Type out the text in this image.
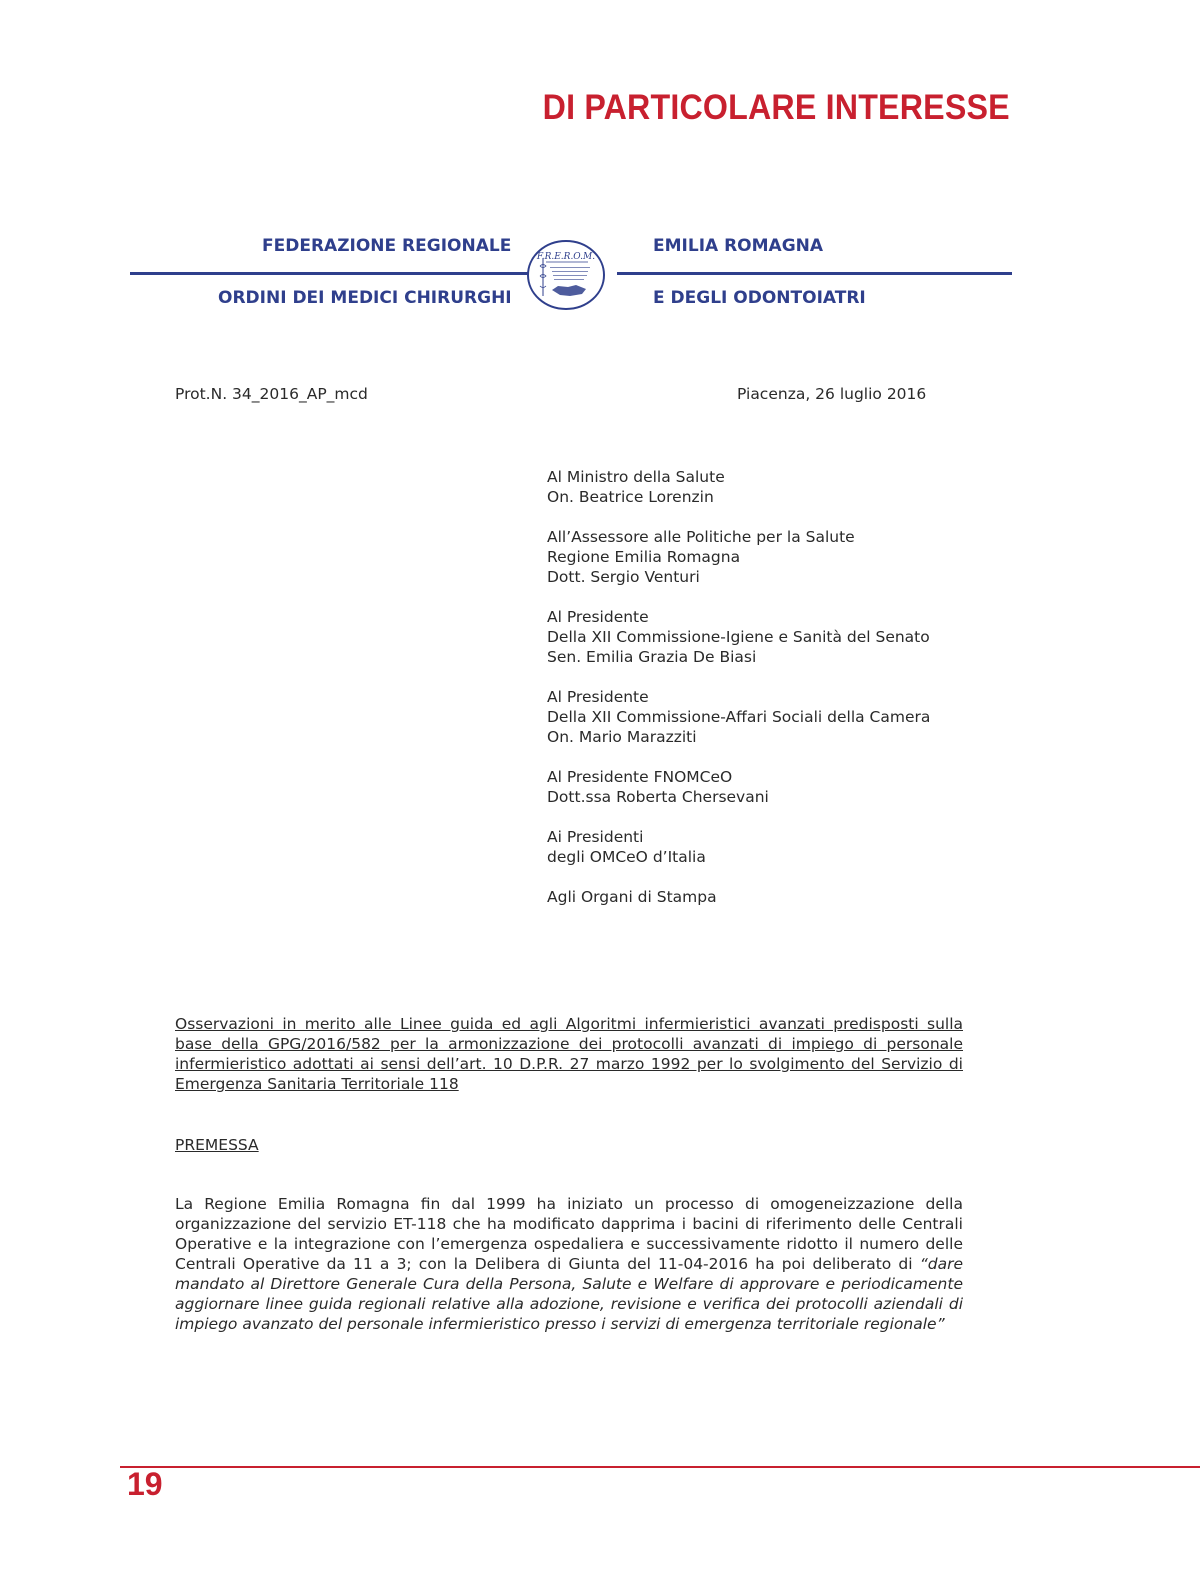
DI PARTICOLARE INTERESSE
FEDERAZIONE REGIONALE
ORDINI DEI MEDICI CHIRURGHI
EMILIA ROMAGNA
E DEGLI ODONTOIATRI
F.R.E.R.O.M.
Prot.N. 34_2016_AP_mcd	Piacenza, 26 luglio 2016
Al Ministro della Salute
On. Beatrice Lorenzin
All’Assessore alle Politiche per la Salute
Regione Emilia Romagna
Dott. Sergio Venturi
Al Presidente
Della XII Commissione-Igiene e Sanità del Senato
Sen. Emilia Grazia De Biasi
Al Presidente
Della XII Commissione-Affari Sociali della Camera
On. Mario Marazziti
Al Presidente FNOMCeO
Dott.ssa Roberta Chersevani
Ai Presidenti
degli OMCeO d’Italia
Agli Organi di Stampa
Osservazioni in merito alle Linee guida ed agli Algoritmi infermieristici avanzati predisposti sulla base della GPG/2016/582 per la armonizzazione dei protocolli avanzati di impiego di personale infermieristico adottati ai sensi dell’art. 10 D.P.R. 27 marzo 1992 per lo svolgimento del Servizio di Emergenza Sanitaria Territoriale 118
PREMESSA
La Regione Emilia Romagna fin dal 1999 ha iniziato un processo di omogeneizzazione della organizzazione del servizio ET-118 che ha modificato dapprima i bacini di riferimento delle Centrali Operative e la integrazione con l’emergenza ospedaliera e successivamente ridotto il numero delle Centrali Operative da 11 a 3; con la Delibera di Giunta del 11-04-2016 ha poi deliberato di “dare mandato al Direttore Generale Cura della Persona, Salute e Welfare di approvare e periodicamente aggiornare linee guida regionali relative alla adozione, revisione e verifica dei protocolli aziendali di impiego avanzato del personale infermieristico presso i servizi di emergenza territoriale regionale”
19
